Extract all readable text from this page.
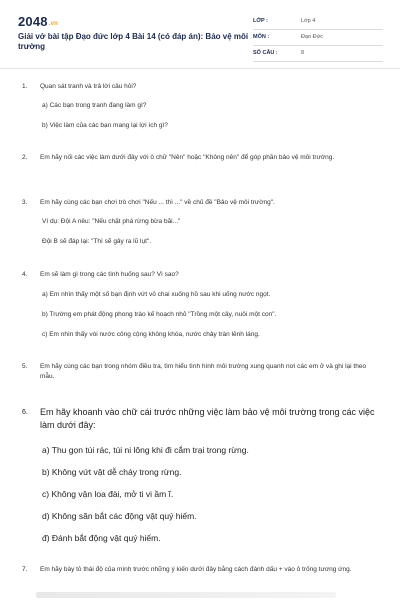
2048.vn
Giải vở bài tập Đạo đức lớp 4 Bài 14 (có đáp án): Bảo vệ môi trường
LỚP :	Lớp 4
MÔN :	Đạo Đức
SỐ CÂU :	8
1. Quan sát tranh và trả lời câu hỏi?
a) Các bạn trong tranh đang làm gì?
b) Việc làm của các bạn mang lại lợi ích gì?
2. Em hãy nối các việc làm dưới đây với ô chữ "Nên" hoặc "Không nên" để góp phần bảo vệ môi trường.
3. Em hãy cùng các bạn chơi trò chơi "Nếu ... thì ..." về chủ đề "Bảo vệ môi trường".
Ví dụ: Đội A nêu: "Nếu chặt phá rừng bừa bãi..."
Đội B sẽ đáp lại: "Thì sẽ gây ra lũ lụt".
4. Em sẽ làm gì trong các tình huống sau? Vì sao?
a) Em nhìn thấy một số bạn định vứt vỏ chai xuống hồ sau khi uống nước ngọt.
b) Trường em phát động phong trào kế hoạch nhỏ "Trồng một cây, nuôi một con".
c) Em nhìn thấy vòi nước công cộng không khóa, nước chảy tràn lênh láng.
5. Em hãy cùng các bạn trong nhóm điều tra, tìm hiểu tình hình môi trường xung quanh nơi các em ở và ghi lại theo mẫu.
6. Em hãy khoanh vào chữ cái trước những việc làm bảo vệ môi trường trong các việc làm dưới đây:
a) Thu gọn túi rác, túi ni lông khi đi cắm trại trong rừng.
b) Không vứt vật dễ cháy trong rừng.
c) Không vận loa đài, mở ti vi ầm ĩ.
d) Không săn bắt các động vật quý hiếm.
đ) Đánh bắt động vật quý hiếm.
7. Em hãy bày tỏ thái độ của mình trước những ý kiến dưới đây bằng cách đánh dấu + vào ô trống tương ứng.
